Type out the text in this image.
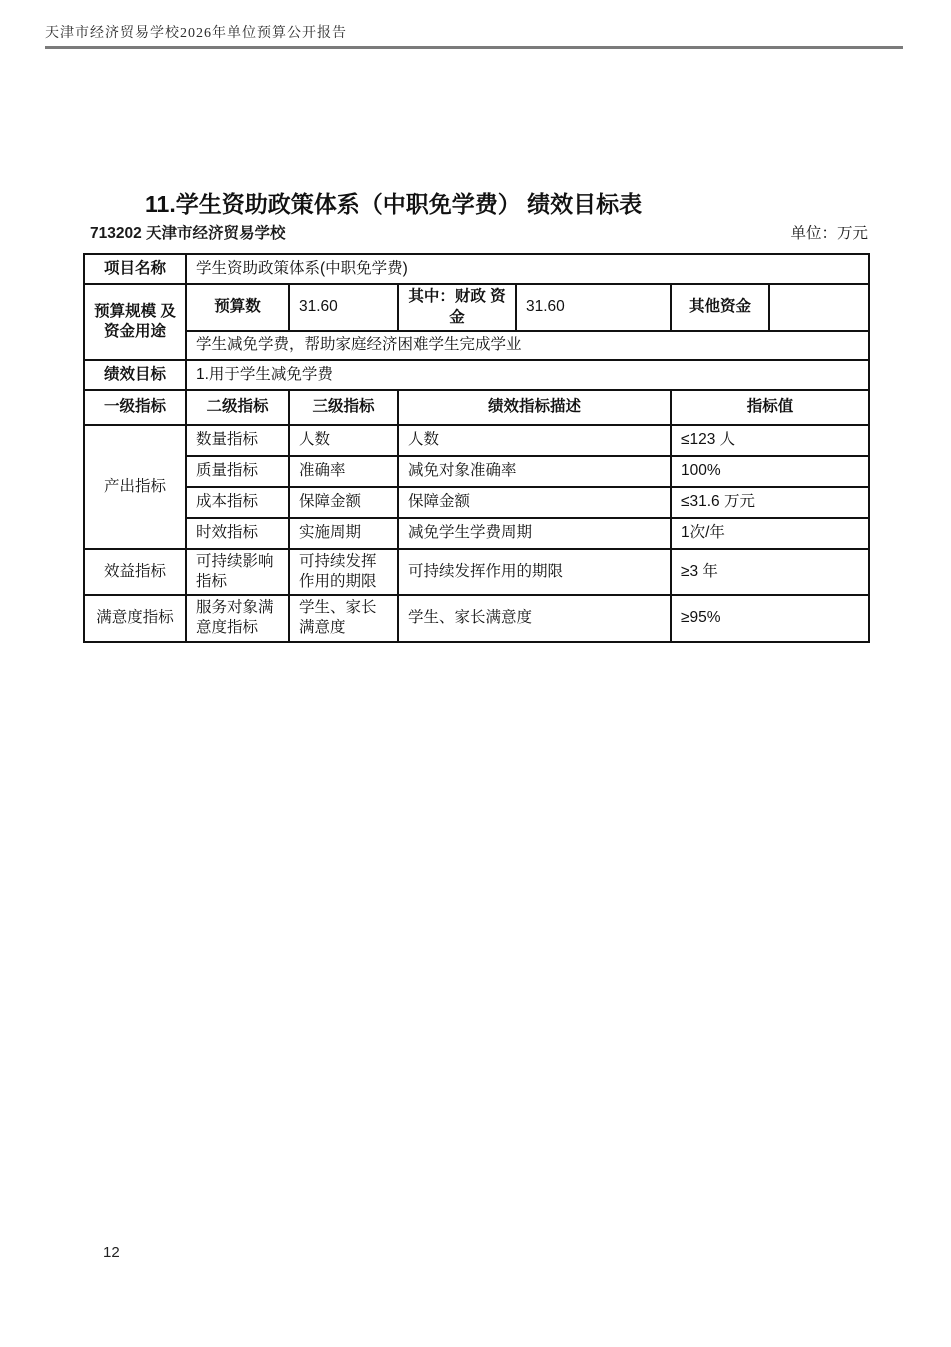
天津市经济贸易学校2026年单位预算公开报告
11.学生资助政策体系（中职免学费） 绩效目标表
713202 天津市经济贸易学校	单位：万元
项目名称	学生资助政策体系(中职免学费)					
预算规模 及资金用途	预算数	31.60	其中：财政 资金	31.60	其他资金	
	学生减免学费，帮助家庭经济困难学生完成学业					
绩效目标	1.用于学生减免学费					
一级指标	二级指标	三级指标	绩效指标描述		指标值	
产出指标	数量指标	人数	人数		≤123 人	
	质量指标	准确率	减免对象准确率		100%	
	成本指标	保障金额	保障金额		≤31.6 万元	
	时效指标	实施周期	减免学生学费周期		1次/年	
效益指标	可持续影响指标	可持续发挥作用的期限	可持续发挥作用的期限		≥3 年	
满意度指标	服务对象满意度指标	学生、家长满意度	学生、家长满意度		≥95%	
12
